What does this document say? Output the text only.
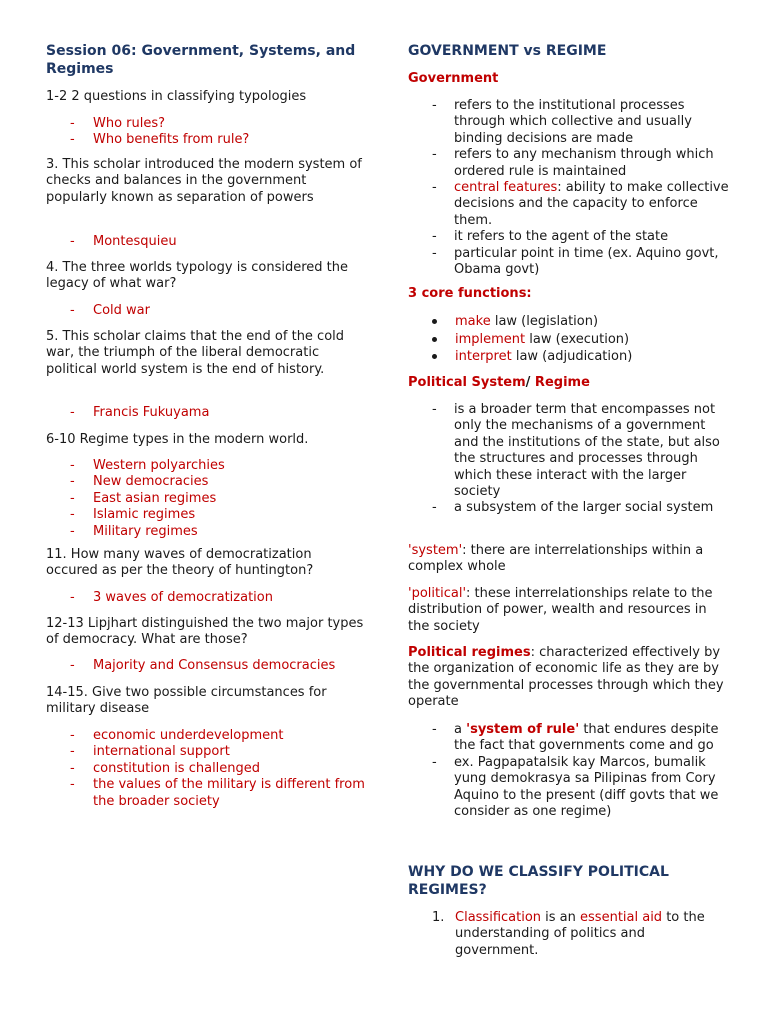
Session 06: Government, Systems, and Regimes
1-2 2 questions in classifying typologies
- Who rules?
- Who benefits from rule?
3. This scholar introduced the modern system of checks and balances in the government popularly known as separation of powers
- Montesquieu
4. The three worlds typology is considered the legacy of what war?
- Cold war
5. This scholar claims that the end of the cold war, the triumph of the liberal democratic political world system is the end of history.
- Francis Fukuyama
6-10 Regime types in the modern world.
- Western polyarchies
- New democracies
- East asian regimes
- Islamic regimes
- Military regimes
11. How many waves of democratization occured as per the theory of huntington?
- 3 waves of democratization
12-13 Lipjhart distinguished the two major types of democracy. What are those?
- Majority and Consensus democracies
14-15. Give two possible circumstances for military disease
- economic underdevelopment
- international support
- constitution is challenged
- the values of the military is different from the broader society
GOVERNMENT vs REGIME
Government
- refers to the institutional processes through which collective and usually binding decisions are made
- refers to any mechanism through which ordered rule is maintained
- central features: ability to make collective decisions and the capacity to enforce them.
- it refers to the agent of the state
- particular point in time (ex. Aquino govt, Obama govt)
3 core functions:
make law (legislation)
implement law (execution)
interpret law (adjudication)
Political System/ Regime
- is a broader term that encompasses not only the mechanisms of a government and the institutions of the state, but also the structures and processes through which these interact with the larger society
- a subsystem of the larger social system
'system': there are interrelationships within a complex whole
'political': these interrelationships relate to the distribution of power, wealth and resources in the society
Political regimes: characterized effectively by the organization of economic life as they are by the governmental processes through which they operate
- a 'system of rule' that endures despite the fact that governments come and go
- ex. Pagpapatalsik kay Marcos, bumalik yung demokrasya sa Pilipinas from Cory Aquino to the present (diff govts that we consider as one regime)
WHY DO WE CLASSIFY POLITICAL REGIMES?
1. Classification is an essential aid to the understanding of politics and government.
